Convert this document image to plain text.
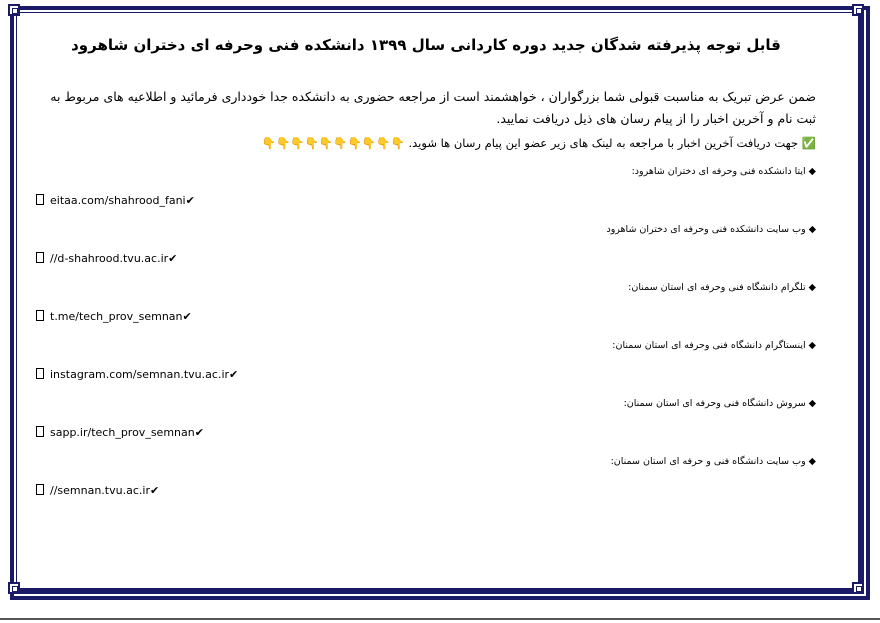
قابل توجه پذیرفته شدگان جدید دوره کاردانی سال ۱۳۹۹ دانشکده فنی وحرفه ای دختران شاهرود
ضمن عرض تبریک به مناسبت قبولی شما بزرگواران ، خواهشمند است از مراجعه حضوری به دانشکده جدا خودداری فرمائید و اطلاعیه های مربوط به ثبت نام و آخرین اخبار را از پیام رسان های ذیل دریافت نمایید.
✅ جهت دریافت آخرین اخبار با مراجعه به لینک های زیر عضو این پیام رسان ها شوید. 👇👇👇👇👇👇👇👇👇👇
◆ ایتا دانشکده فنی وحرفه ای دختران شاهرود:
eitaa.com/shahrood_fani✔
◆ وب سایت دانشکده فنی وحرفه ای دختران شاهرود
//d-shahrood.tvu.ac.ir✔
◆ تلگرام دانشگاه فنی وحرفه ای استان سمنان:
t.me/tech_prov_semnan✔
◆ اینستاگرام دانشگاه فنی وحرفه ای استان سمنان:
instagram.com/semnan.tvu.ac.ir✔
◆ سروش دانشگاه فنی وحرفه ای استان سمنان:
sapp.ir/tech_prov_semnan✔
◆ وب سایت دانشگاه فنی و حرفه ای استان سمنان:
//semnan.tvu.ac.ir✔
